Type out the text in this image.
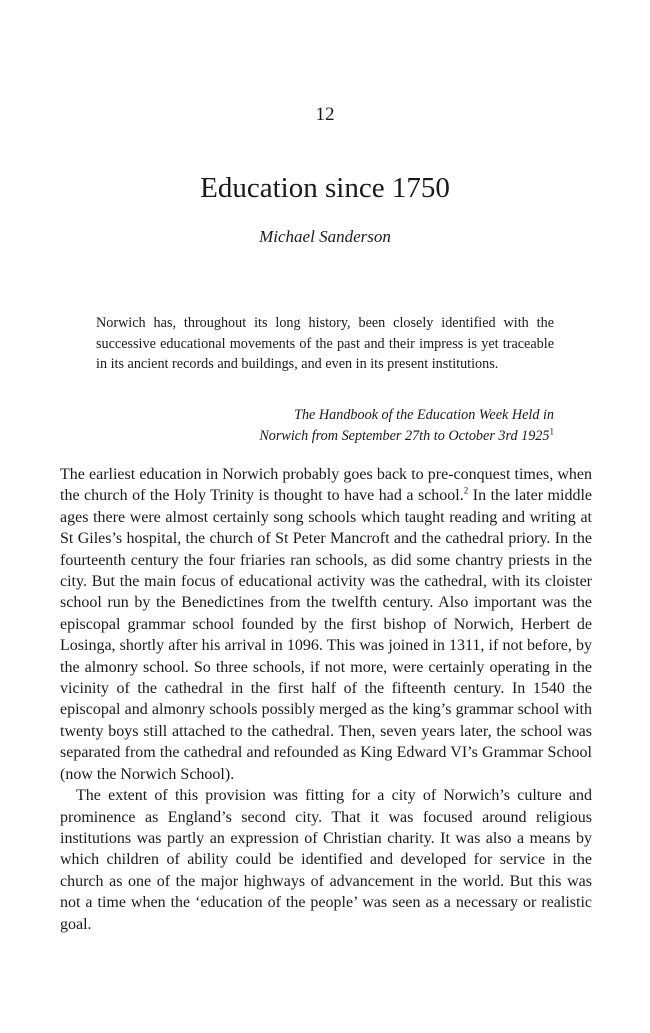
12
Education since 1750
Michael Sanderson

Norwich has, throughout its long history, been closely identified with the successive educational movements of the past and their impress is yet traceable in its ancient records and buildings, and even in its present institutions.

The Handbook of the Education Week Held in
Norwich from September 27th to October 3rd 1925$^1$

The earliest education in Norwich probably goes back to pre-conquest times, when the church of the Holy Trinity is thought to have had a school.$^2$ In the later middle ages there were almost certainly song schools which taught reading and writing at St Giles’s hospital, the church of St Peter Mancroft and the cathedral priory. In the fourteenth century the four friaries ran schools, as did some chantry priests in the city. But the main focus of educational activity was the cathedral, with its cloister school run by the Benedictines from the twelfth century. Also important was the episcopal grammar school founded by the first bishop of Norwich, Herbert de Losinga, shortly after his arrival in 1096. This was joined in 1311, if not before, by the almonry school. So three schools, if not more, were certainly operating in the vicinity of the cathedral in the first half of the fifteenth century. In 1540 the episcopal and almonry schools possibly merged as the king’s grammar school with twenty boys still attached to the cathedral. Then, seven years later, the school was separated from the cathedral and refounded as King Edward VI’s Grammar School (now the Norwich School).

The extent of this provision was fitting for a city of Norwich’s culture and prominence as England’s second city. That it was focused around religious institutions was partly an expression of Christian charity. It was also a means by which children of ability could be identified and developed for service in the church as one of the major highways of advancement in the world. But this was not a time when the ‘education of the people’ was seen as a necessary or realistic goal.
